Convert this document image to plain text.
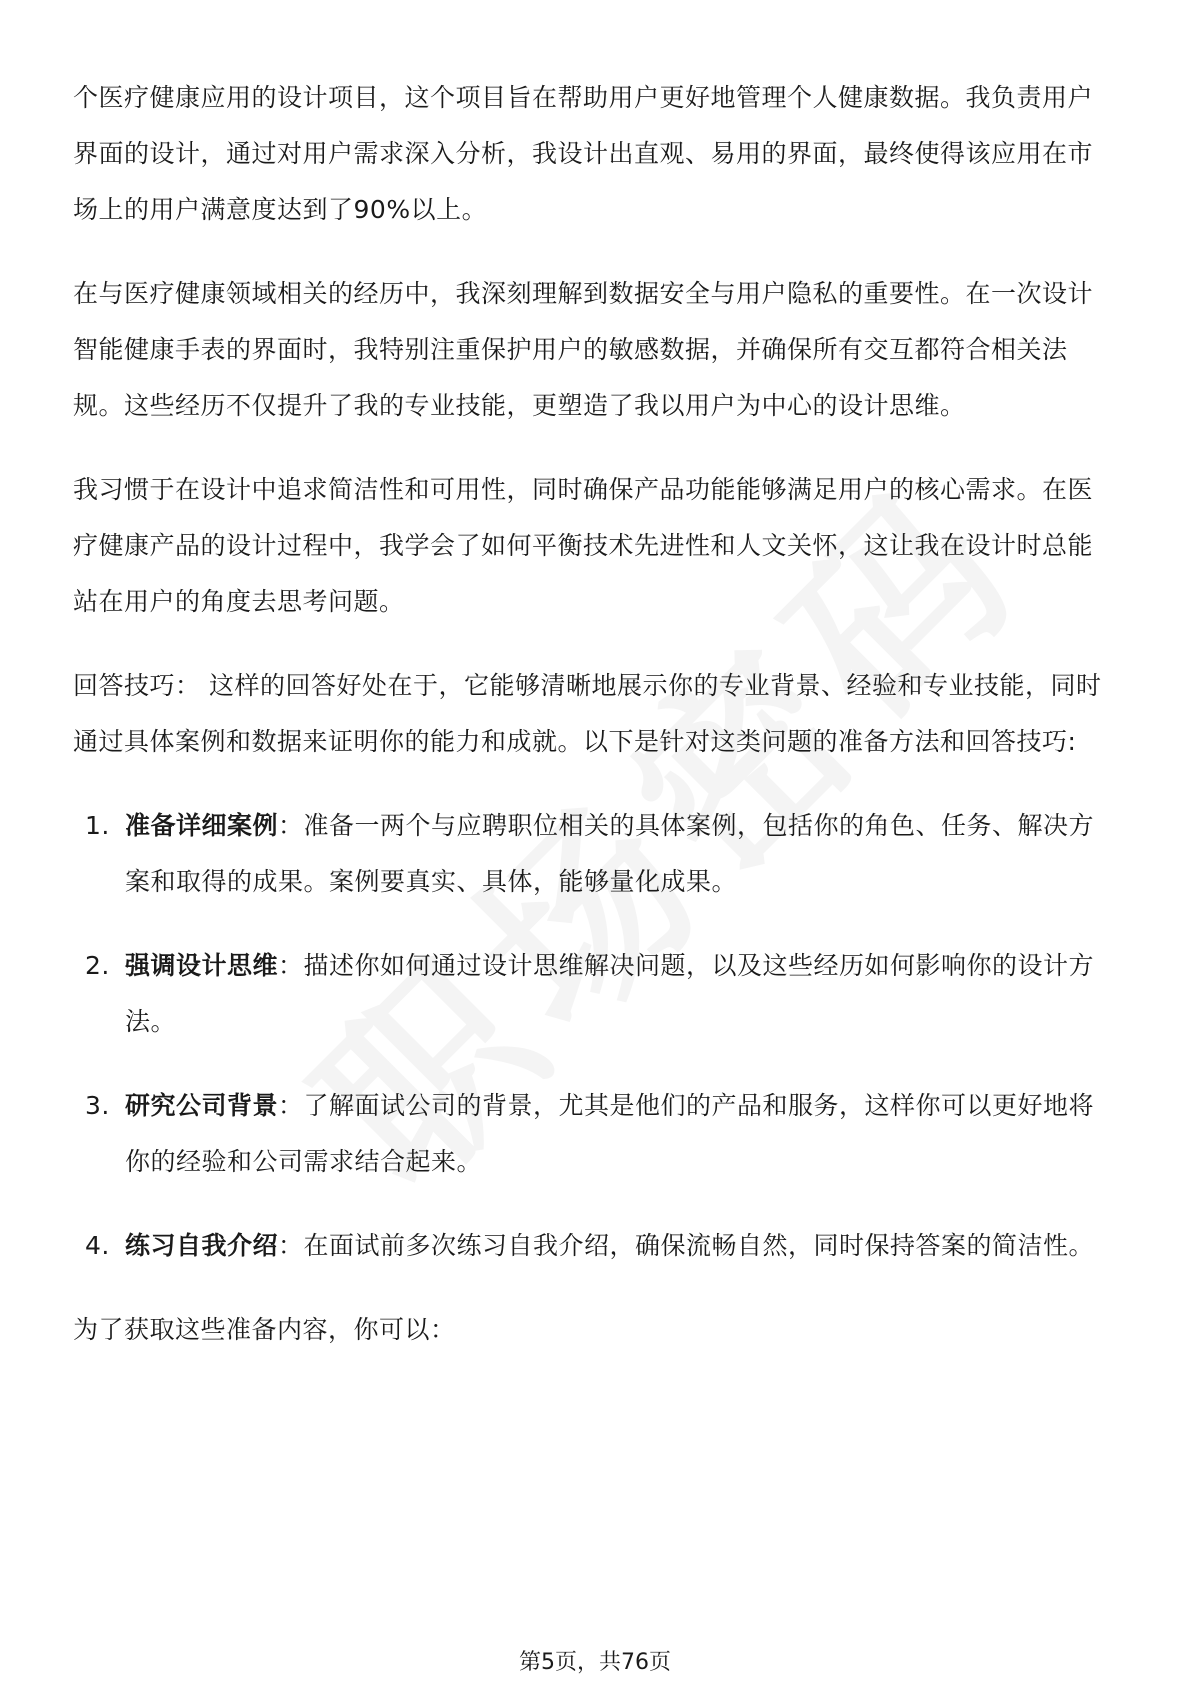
个医疗健康应用的设计项目，这个项目旨在帮助用户更好地管理个人健康数据。我负责用户界面的设计，通过对用户需求深入分析，我设计出直观、易用的界面，最终使得该应用在市场上的用户满意度达到了90%以上。

在与医疗健康领域相关的经历中，我深刻理解到数据安全与用户隐私的重要性。在一次设计智能健康手表的界面时，我特别注重保护用户的敏感数据，并确保所有交互都符合相关法规。这些经历不仅提升了我的专业技能，更塑造了我以用户为中心的设计思维。

我习惯于在设计中追求简洁性和可用性，同时确保产品功能能够满足用户的核心需求。在医疗健康产品的设计过程中，我学会了如何平衡技术先进性和人文关怀，这让我在设计时总能站在用户的角度去思考问题。

回答技巧： 这样的回答好处在于，它能够清晰地展示你的专业背景、经验和专业技能，同时通过具体案例和数据来证明你的能力和成就。以下是针对这类问题的准备方法和回答技巧:

1. 准备详细案例：准备一两个与应聘职位相关的具体案例，包括你的角色、任务、解决方案和取得的成果。案例要真实、具体，能够量化成果。
2. 强调设计思维：描述你如何通过设计思维解决问题，以及这些经历如何影响你的设计方法。
3. 研究公司背景：了解面试公司的背景，尤其是他们的产品和服务，这样你可以更好地将你的经验和公司需求结合起来。
4. 练习自我介绍：在面试前多次练习自我介绍，确保流畅自然，同时保持答案的简洁性。

为了获取这些准备内容，你可以：

第5页，共76页
